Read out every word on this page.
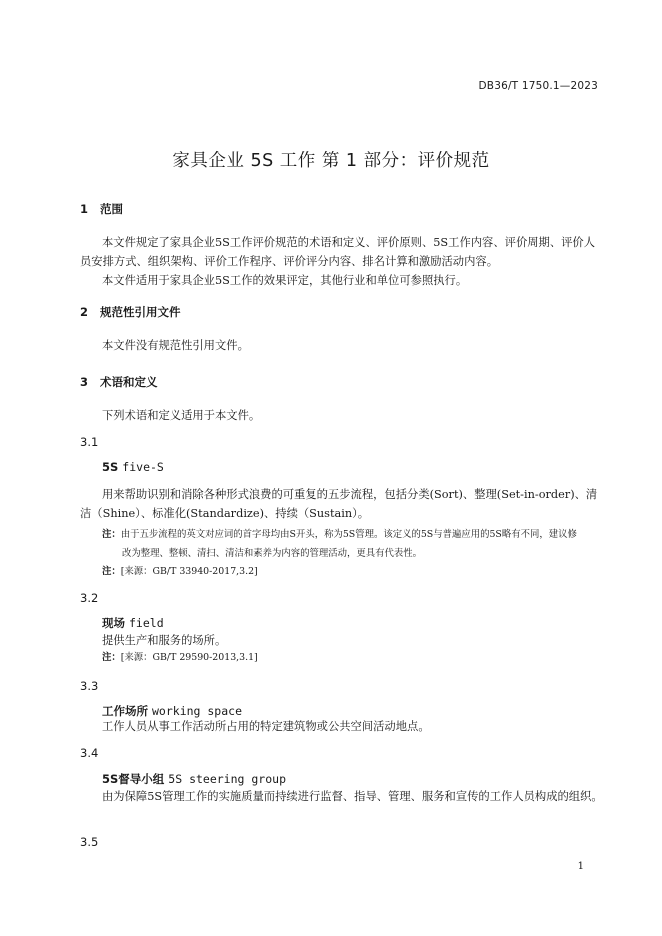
DB36/T 1750.1—2023
家具企业 5S 工作 第 1 部分：评价规范
1 范围

本文件规定了家具企业5S工作评价规范的术语和定义、评价原则、5S工作内容、评价周期、评价人员安排方式、组织架构、评价工作程序、评价评分内容、排名计算和激励活动内容。

本文件适用于家具企业5S工作的效果评定，其他行业和单位可参照执行。

2 规范性引用文件

本文件没有规范性引用文件。

3 术语和定义

下列术语和定义适用于本文件。

3.1
5S five-S

用来帮助识别和消除各种形式浪费的可重复的五步流程，包括分类(Sort)、整理(Set-in-order)、清洁（Shine）、标准化(Standardize)、持续（Sustain）。

注：由于五步流程的英文对应词的首字母均由S开头，称为5S管理。该定义的5S与普遍应用的5S略有不同，建议修
改为整理、整顿、清扫、清洁和素养为内容的管理活动，更具有代表性。
注：[来源：GB/T 33940-2017,3.2]
3.2
现场 field

提供生产和服务的场所。

注：[来源：GB/T 29590-2013,3.1]
3.3
工作场所 working space

工作人员从事工作活动所占用的特定建筑物或公共空间活动地点。

3.4
5S督导小组 5S steering group

由为保障5S管理工作的实施质量而持续进行监督、指导、管理、服务和宣传的工作人员构成的组织。

3.5
1
